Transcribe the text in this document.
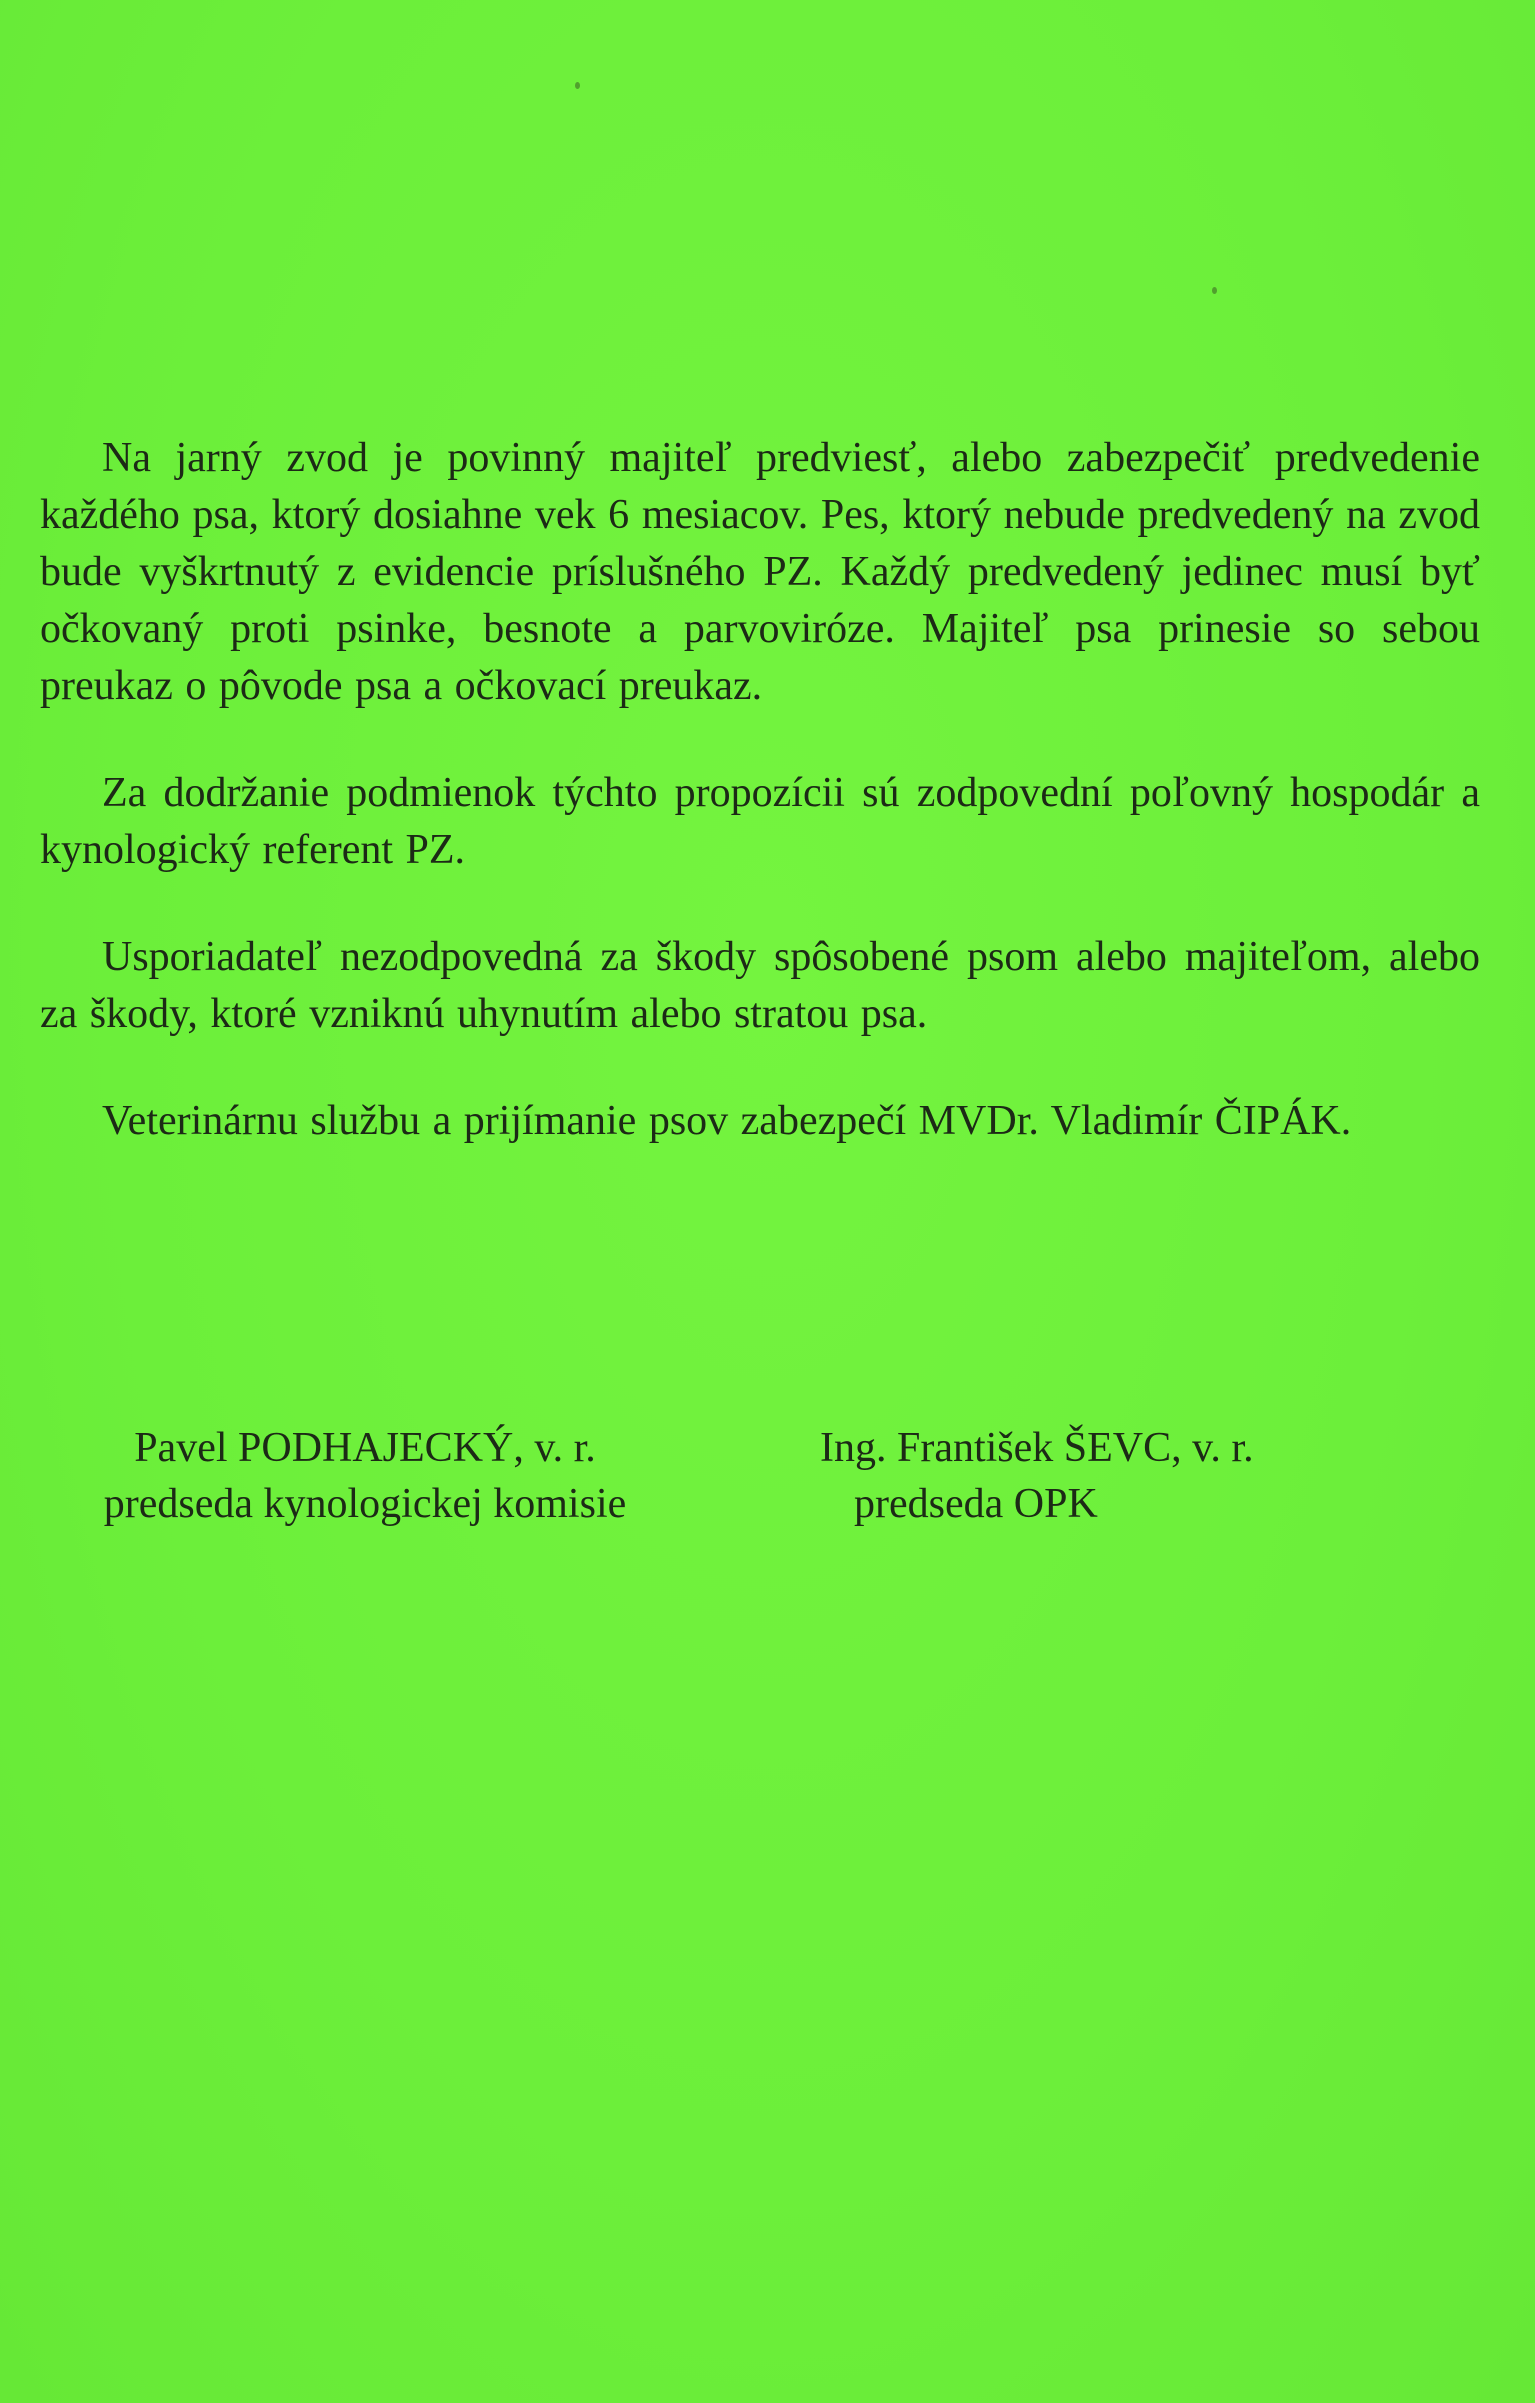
Na jarný zvod je povinný majiteľ predviesť, alebo zabezpečiť predvedenie každého psa, ktorý dosiahne vek 6 mesiacov. Pes, ktorý nebude predvedený na zvod bude vyškrtnutý z evidencie príslušného PZ. Každý predvedený jedinec musí byť očkovaný proti psinke, besnote a parvoviróze. Majiteľ psa prinesie so sebou preukaz o pôvode psa a očkovací preukaz.

Za dodržanie podmienok týchto propozícii sú zodpovední poľovný hospodár a kynologický referent PZ.

Usporiadateľ nezodpovedná za škody spôsobené psom alebo majiteľom, alebo za škody, ktoré vzniknú uhynutím alebo stratou psa.

Veterinárnu službu a prijímanie psov zabezpečí MVDr. Vladimír ČIPÁK.

Pavel PODHAJECKÝ, v. r.
predseda kynologickej komisie
Ing. František ŠEVC, v. r.
predseda OPK
